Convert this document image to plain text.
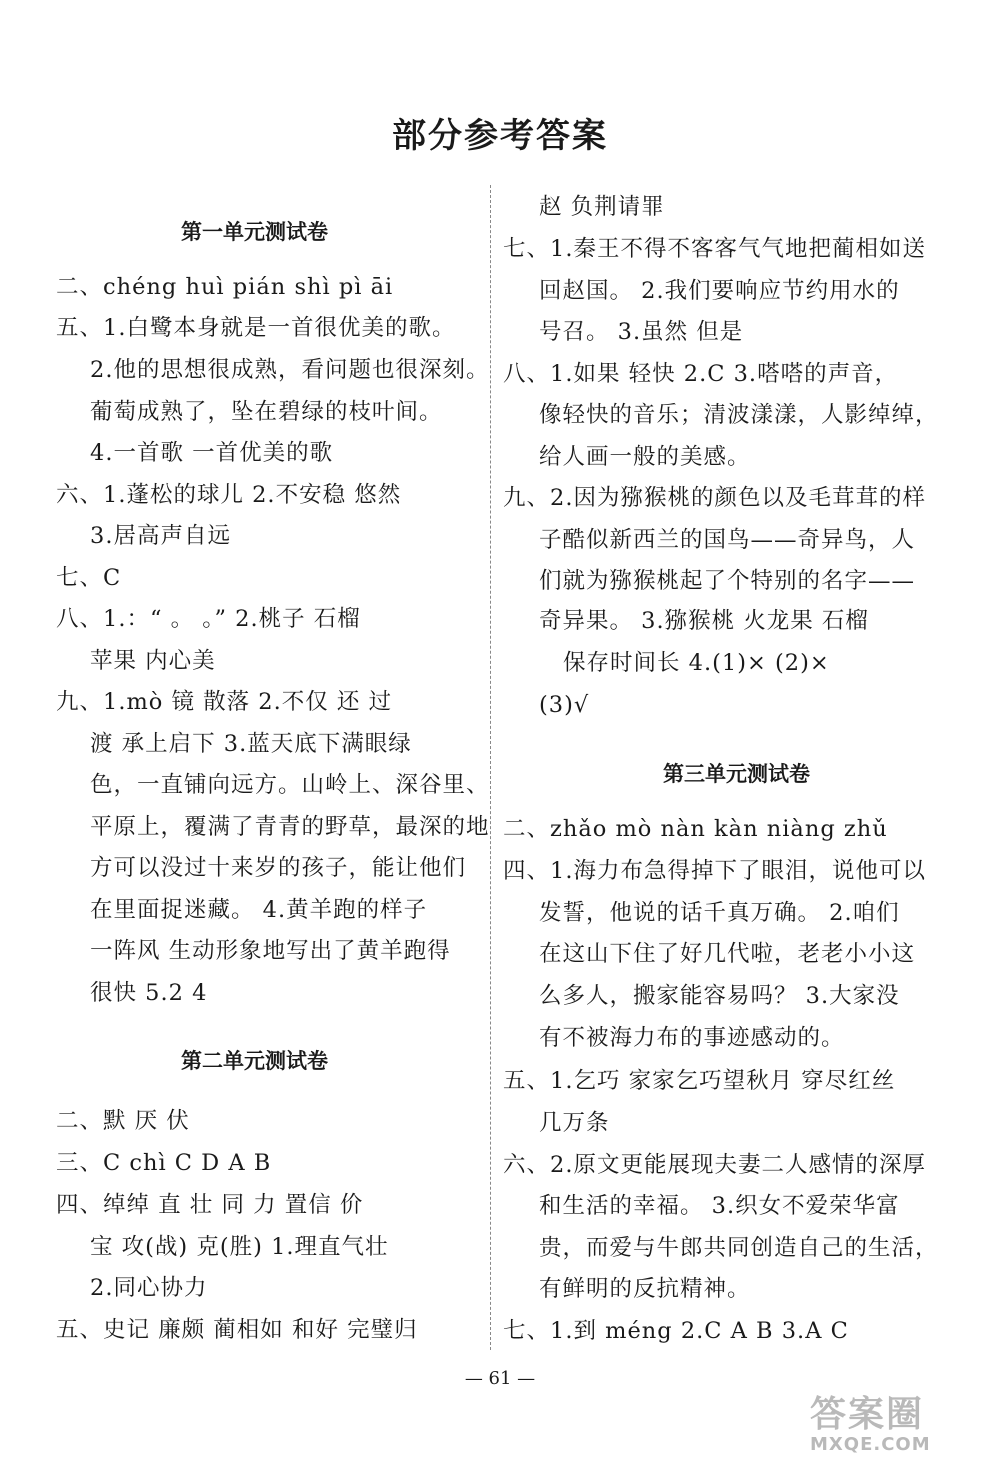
部分参考答案
第一单元测试卷
二、chéng huì pián shì pì āi
五、1.白鹭本身就是一首很优美的歌。
2.他的思想很成熟，看问题也很深刻。
葡萄成熟了，坠在碧绿的枝叶间。
4.一首歌 一首优美的歌
六、1.蓬松的球儿 2.不安稳 悠然
3.居高声自远
七、C
八、1.：“ 。 。” 2.桃子 石榴
苹果 内心美
九、1.mò 镜 散落 2.不仅 还 过
渡 承上启下 3.蓝天底下满眼绿
色，一直铺向远方。山岭上、深谷里、
平原上，覆满了青青的野草，最深的地
方可以没过十来岁的孩子，能让他们
在里面捉迷藏。 4.黄羊跑的样子
一阵风 生动形象地写出了黄羊跑得
很快 5.2 4
第二单元测试卷
二、默 厌 伏
三、C chì C D A B
四、绰绰 直 壮 同 力 置信 价
宝 攻(战) 克(胜) 1.理直气壮
2.同心协力
五、史记 廉颇 蔺相如 和好 完璧归
赵 负荆请罪
七、1.秦王不得不客客气气地把蔺相如送
回赵国。 2.我们要响应节约用水的
号召。 3.虽然 但是
八、1.如果 轻快 2.C 3.嗒嗒的声音，
像轻快的音乐；清波漾漾，人影绰绰，
给人画一般的美感。
九、2.因为猕猴桃的颜色以及毛茸茸的样
子酷似新西兰的国鸟——奇异鸟，人
们就为猕猴桃起了个特别的名字——
奇异果。 3.猕猴桃 火龙果 石榴
保存时间长 4.(1)× (2)×
(3)√
第三单元测试卷
二、zhǎo mò nàn kàn niàng zhǔ
四、1.海力布急得掉下了眼泪，说他可以
发誓，他说的话千真万确。 2.咱们
在这山下住了好几代啦，老老小小这
么多人，搬家能容易吗？ 3.大家没
有不被海力布的事迹感动的。
五、1.乞巧 家家乞巧望秋月 穿尽红丝
几万条
六、2.原文更能展现夫妻二人感情的深厚
和生活的幸福。 3.织女不爱荣华富
贵，而爱与牛郎共同创造自己的生活，
有鲜明的反抗精神。
七、1.到 méng 2.C A B 3.A C
— 61 —
答案圈
MXQE.COM
